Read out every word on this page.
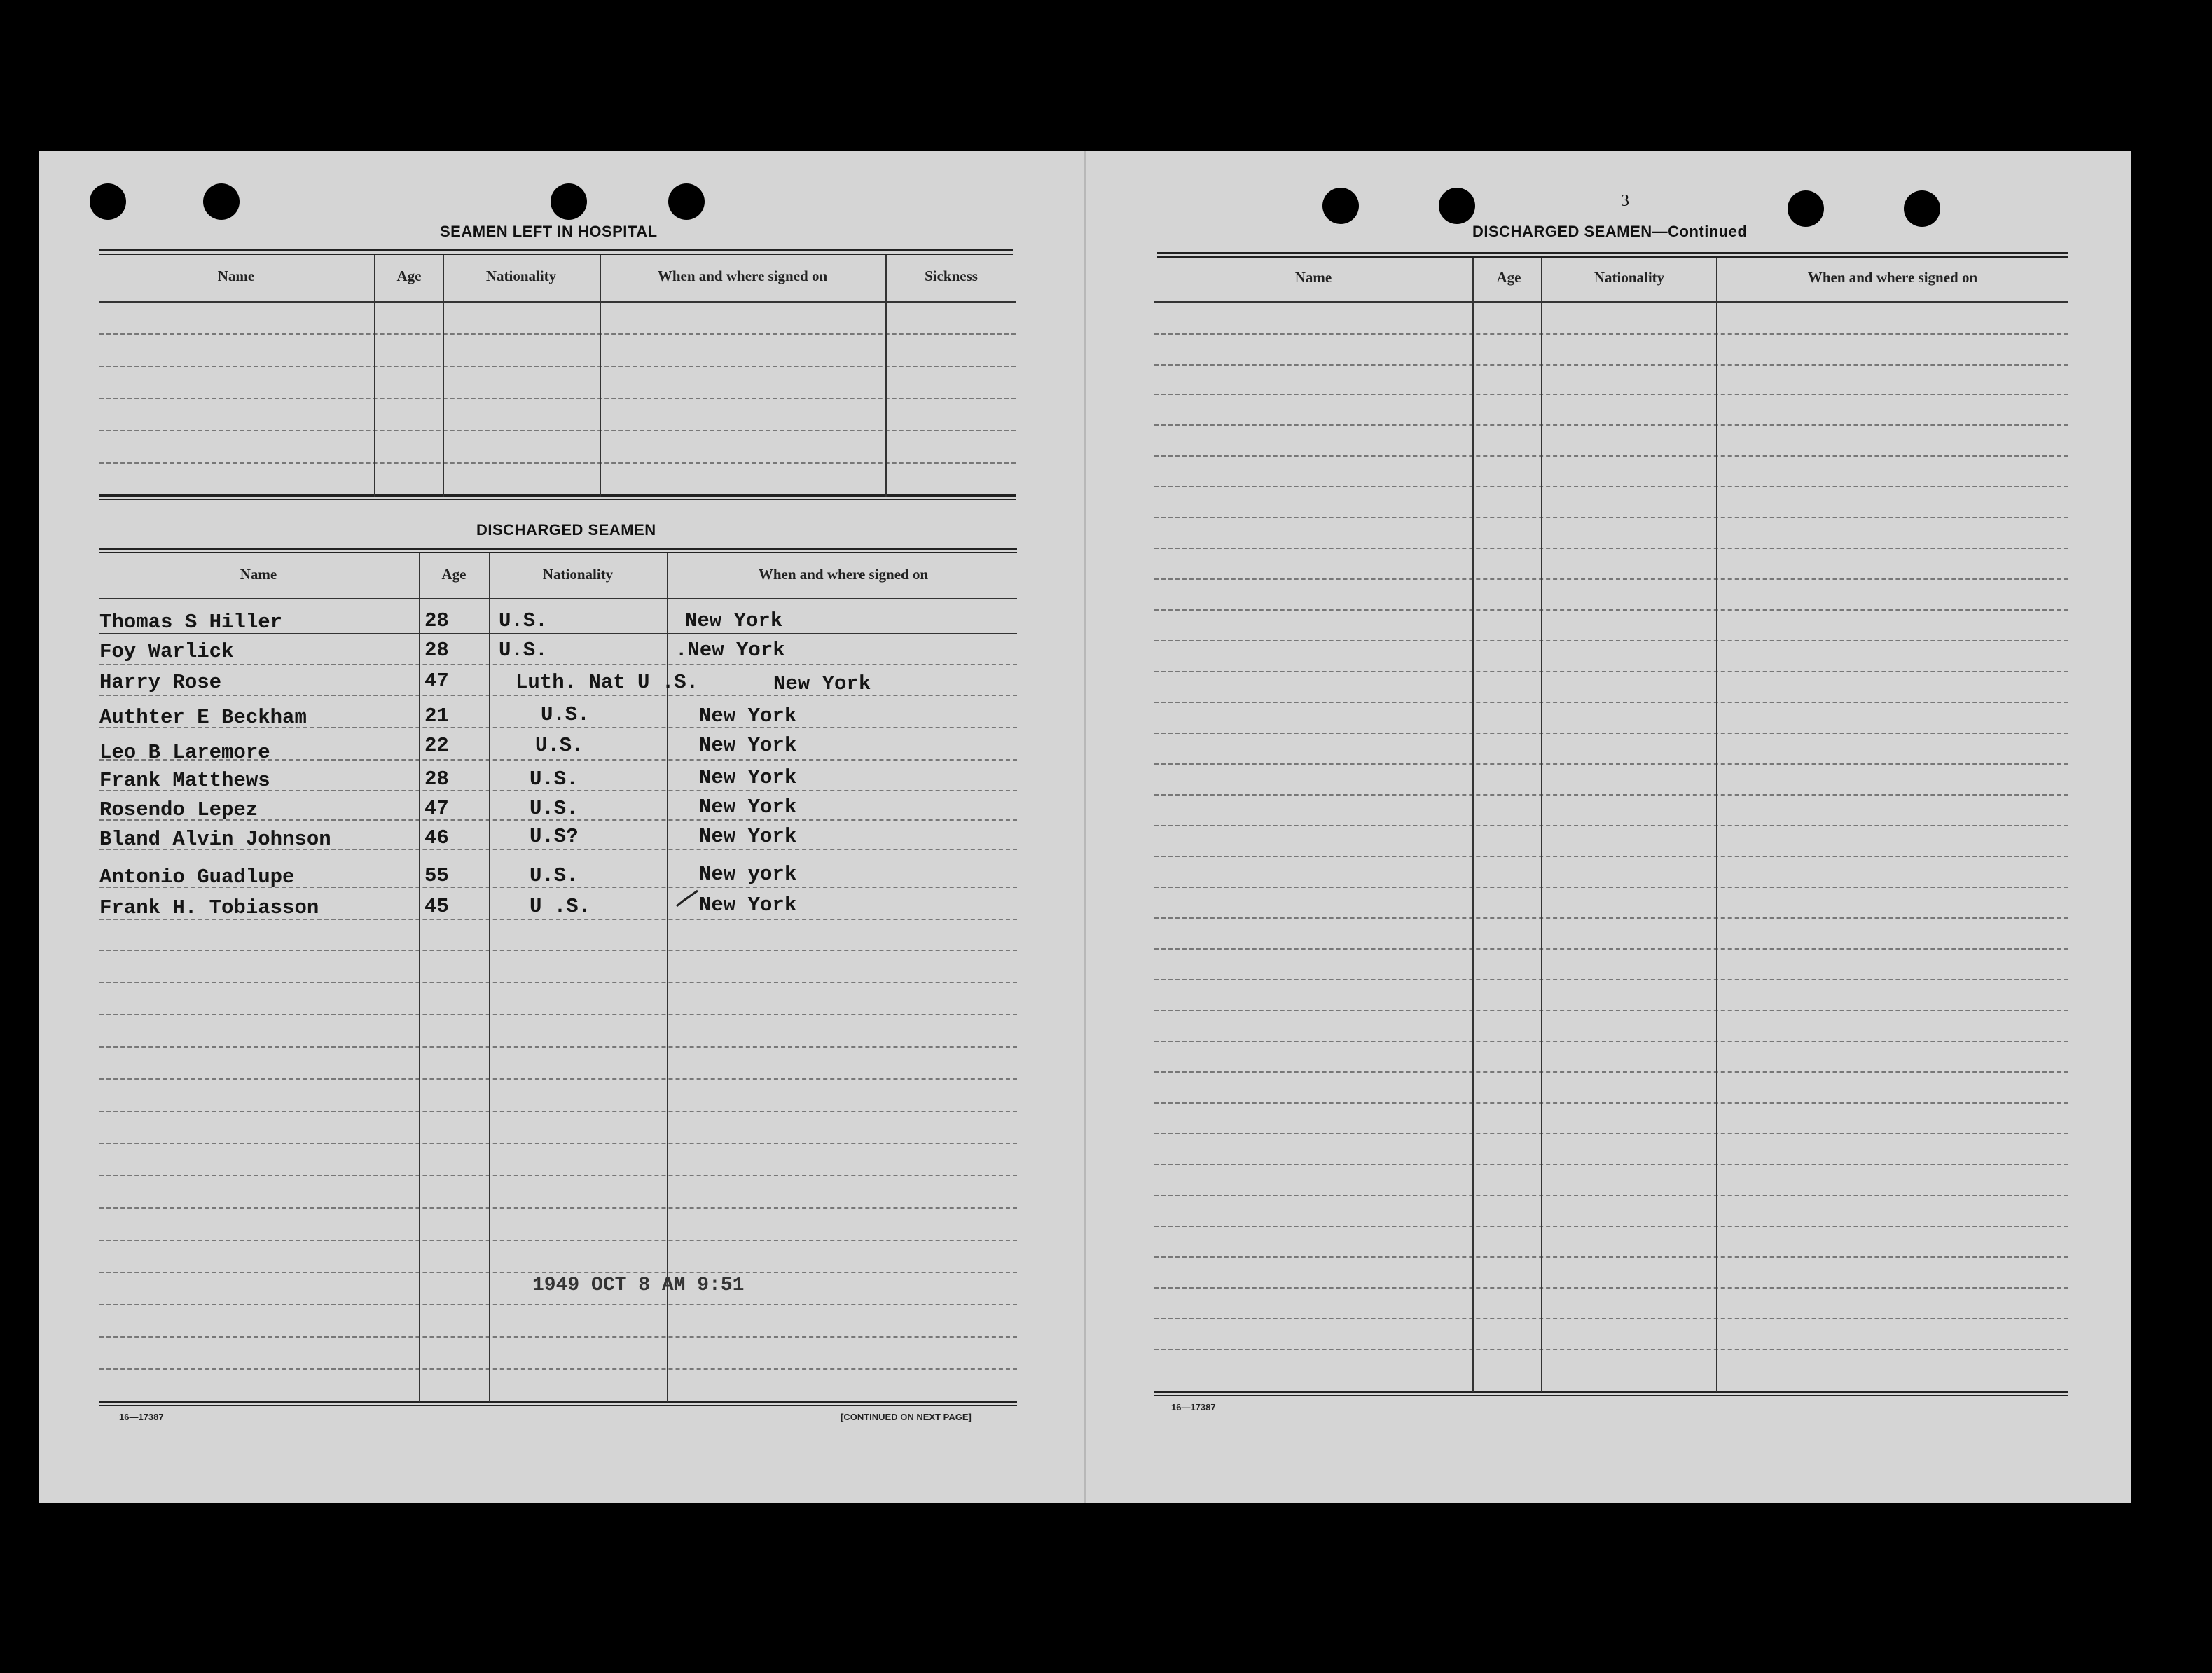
SEAMEN LEFT IN HOSPITAL
Name	Age	Nationality	When and where signed on	Sickness
DISCHARGED SEAMEN
Name	Age	Nationality	When and where signed on
Thomas S Hiller	28 U.S.	New York
Foy Warlick	28 U.S.	.New York
Harry Rose	47	Luth. Nat U .S.	New York
Authter E Beckham	21	U.S.	New York
Leo B Laremore	22	U.S.	New York
Frank Matthews	28	U.S.	New York
Rosendo Lepez	47	U.S.	New York
Bland Alvin Johnson	46	U.S?	New York
Antonio Guadlupe	55	U.S.	New york
Frank H. Tobiasson	45	U .S.	New York
1949 OCT 8 AM 9:51
16—17387	[CONTINUED ON NEXT PAGE]
3
DISCHARGED SEAMEN—Continued
Name	Age	Nationality	When and where signed on
16—17387
